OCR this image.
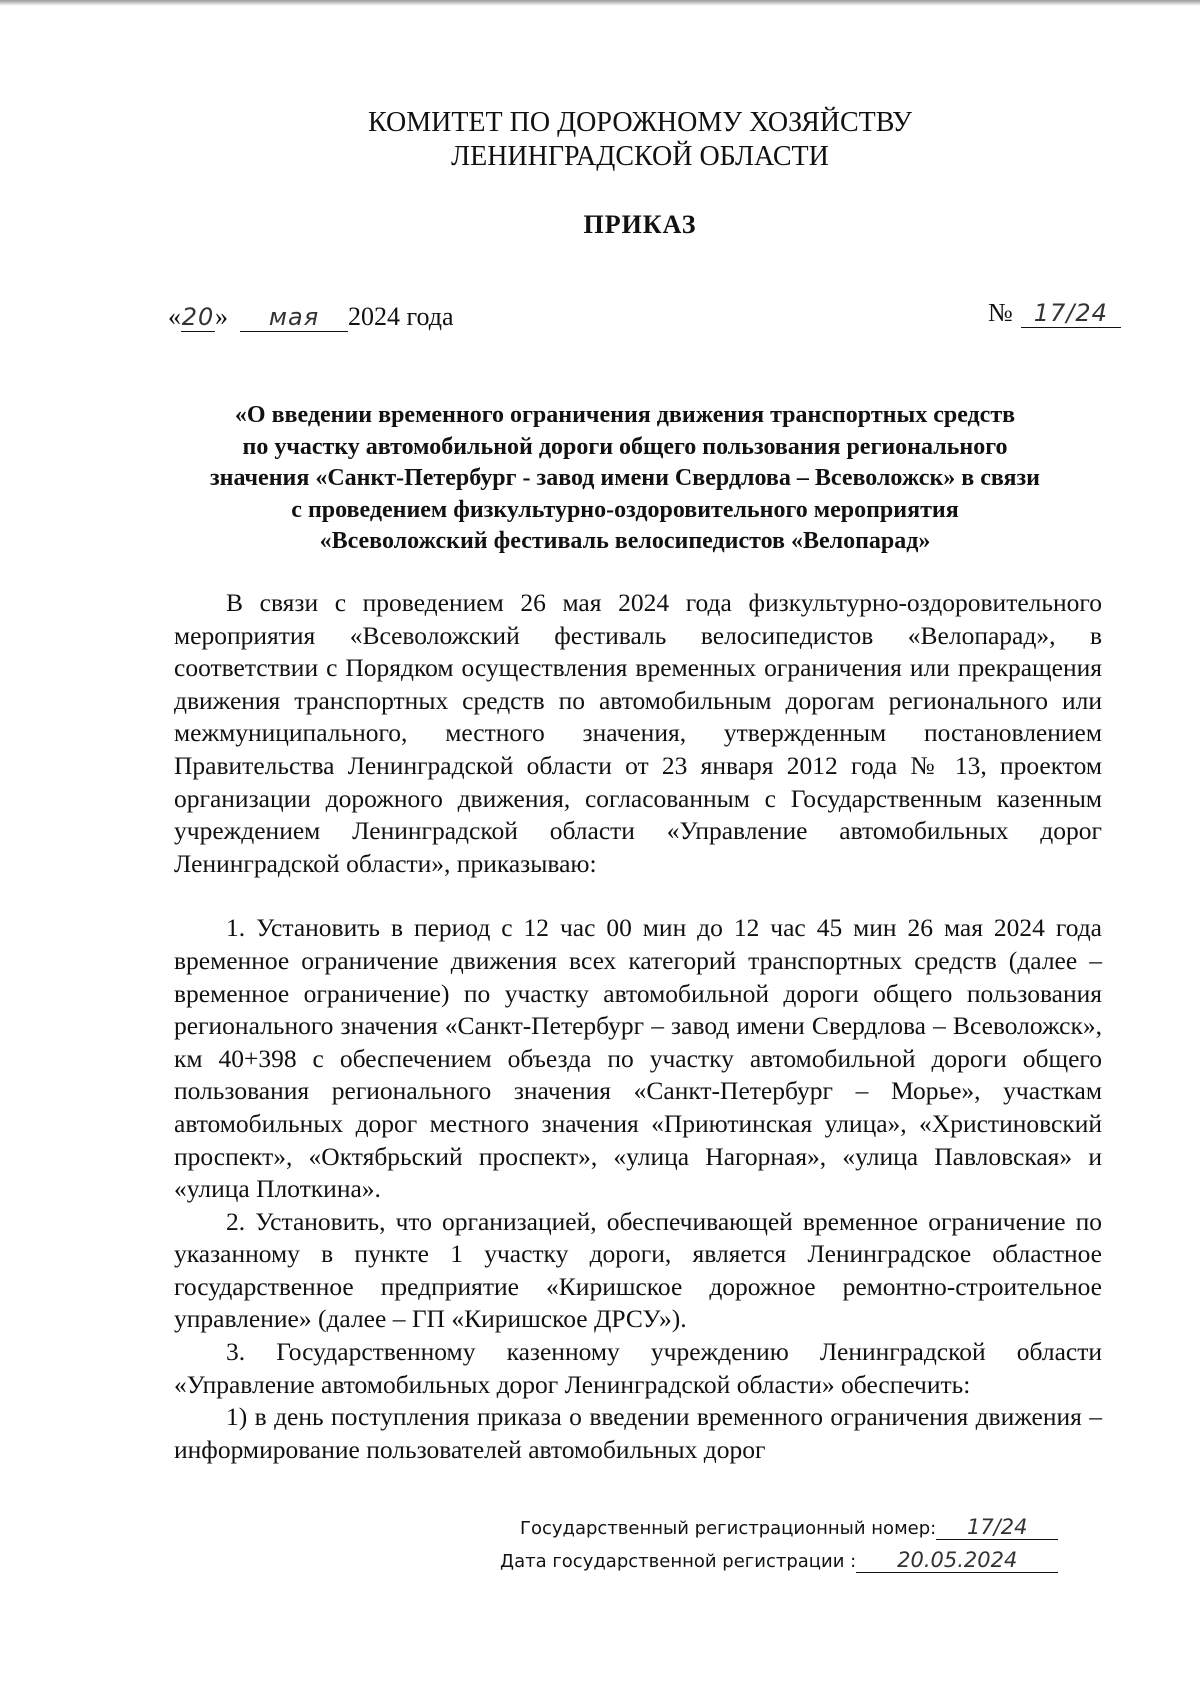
КОМИТЕТ ПО ДОРОЖНОМУ ХОЗЯЙСТВУ
ЛЕНИНГРАДСКОЙ ОБЛАСТИ
ПРИКАЗ
« 20 »	мая	2024 года	№ 17/24
«О введении временного ограничения движения транспортных средств
по участку автомобильной дороги общего пользования регионального
значения «Санкт-Петербург - завод имени Свердлова – Всеволожск» в связи
с проведением физкультурно-оздоровительного мероприятия
«Всеволожский фестиваль велосипедистов «Велопарад»

В связи с проведением 26 мая 2024 года физкультурно-оздоровительного мероприятия «Всеволожский фестиваль велосипедистов «Велопарад», в соответствии с Порядком осуществления временных ограничения или прекращения движения транспортных средств по автомобильным дорогам регионального или межмуниципального, местного значения, утвержденным постановлением Правительства Ленинградской области от 23 января 2012 года № 13, проектом организации дорожного движения, согласованным с Государственным казенным учреждением Ленинградской области «Управление автомобильных дорог Ленинградской области», приказываю:

1. Установить в период с 12 час 00 мин до 12 час 45 мин 26 мая 2024 года временное ограничение движения всех категорий транспортных средств (далее – временное ограничение) по участку автомобильной дороги общего пользования регионального значения «Санкт-Петербург – завод имени Свердлова – Всеволожск», км 40+398 с обеспечением объезда по участку автомобильной дороги общего пользования регионального значения «Санкт-Петербург – Морье», участкам автомобильных дорог местного значения «Приютинская улица», «Христиновский проспект», «Октябрьский проспект», «улица Нагорная», «улица Павловская» и «улица Плоткина».

2. Установить, что организацией, обеспечивающей временное ограничение по указанному в пункте 1 участку дороги, является Ленинградское областное государственное предприятие «Киришское дорожное ремонтно-строительное управление» (далее – ГП «Киришское ДРСУ»).

3. Государственному казенному учреждению Ленинградской области «Управление автомобильных дорог Ленинградской области» обеспечить:

1) в день поступления приказа о введении временного ограничения движения – информирование пользователей автомобильных дорог

Государственный регистрационный номер:	17/24
Дата государственной регистрации :	20.05.2024
